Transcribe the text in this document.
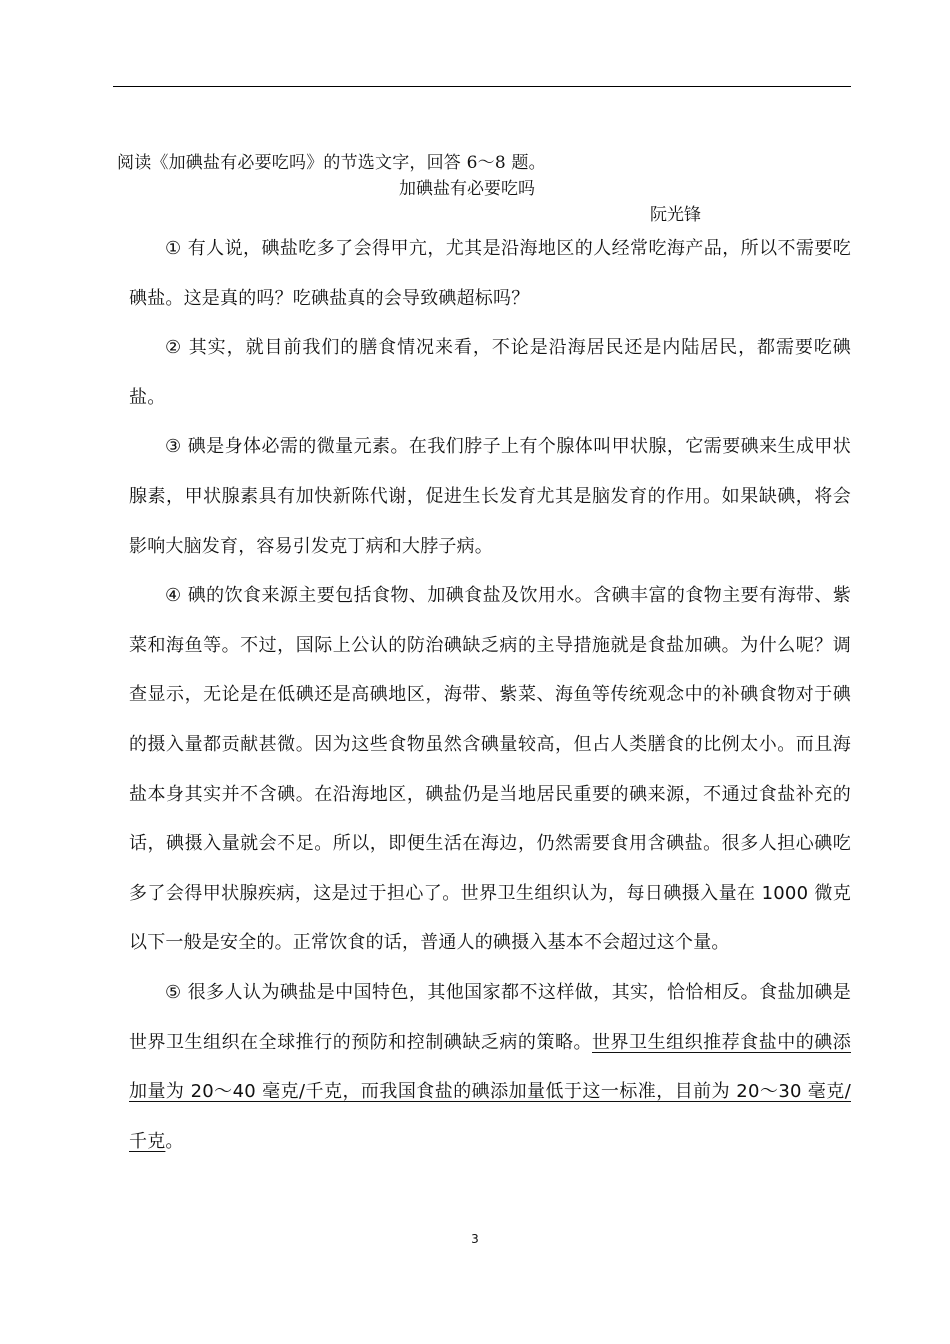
阅读《加碘盐有必要吃吗》的节选文字，回答 6～8 题。
加碘盐有必要吃吗
阮光锋

① 有人说，碘盐吃多了会得甲亢，尤其是沿海地区的人经常吃海产品，所以不需要吃碘盐。这是真的吗？吃碘盐真的会导致碘超标吗？

② 其实，就目前我们的膳食情况来看，不论是沿海居民还是内陆居民，都需要吃碘盐。

③ 碘是身体必需的微量元素。在我们脖子上有个腺体叫甲状腺，它需要碘来生成甲状腺素，甲状腺素具有加快新陈代谢，促进生长发育尤其是脑发育的作用。如果缺碘，将会影响大脑发育，容易引发克丁病和大脖子病。

④ 碘的饮食来源主要包括食物、加碘食盐及饮用水。含碘丰富的食物主要有海带、紫菜和海鱼等。不过，国际上公认的防治碘缺乏病的主导措施就是食盐加碘。为什么呢？调查显示，无论是在低碘还是高碘地区，海带、紫菜、海鱼等传统观念中的补碘食物对于碘的摄入量都贡献甚微。因为这些食物虽然含碘量较高，但占人类膳食的比例太小。而且海盐本身其实并不含碘。在沿海地区，碘盐仍是当地居民重要的碘来源，不通过食盐补充的话，碘摄入量就会不足。所以，即便生活在海边，仍然需要食用含碘盐。很多人担心碘吃多了会得甲状腺疾病，这是过于担心了。世界卫生组织认为，每日碘摄入量在 1000 微克以下一般是安全的。正常饮食的话，普通人的碘摄入基本不会超过这个量。

⑤ 很多人认为碘盐是中国特色，其他国家都不这样做，其实，恰恰相反。食盐加碘是世界卫生组织在全球推行的预防和控制碘缺乏病的策略。世界卫生组织推荐食盐中的碘添加量为 20～40 毫克/千克，而我国食盐的碘添加量低于这一标准，目前为 20～30 毫克/千克。

3
